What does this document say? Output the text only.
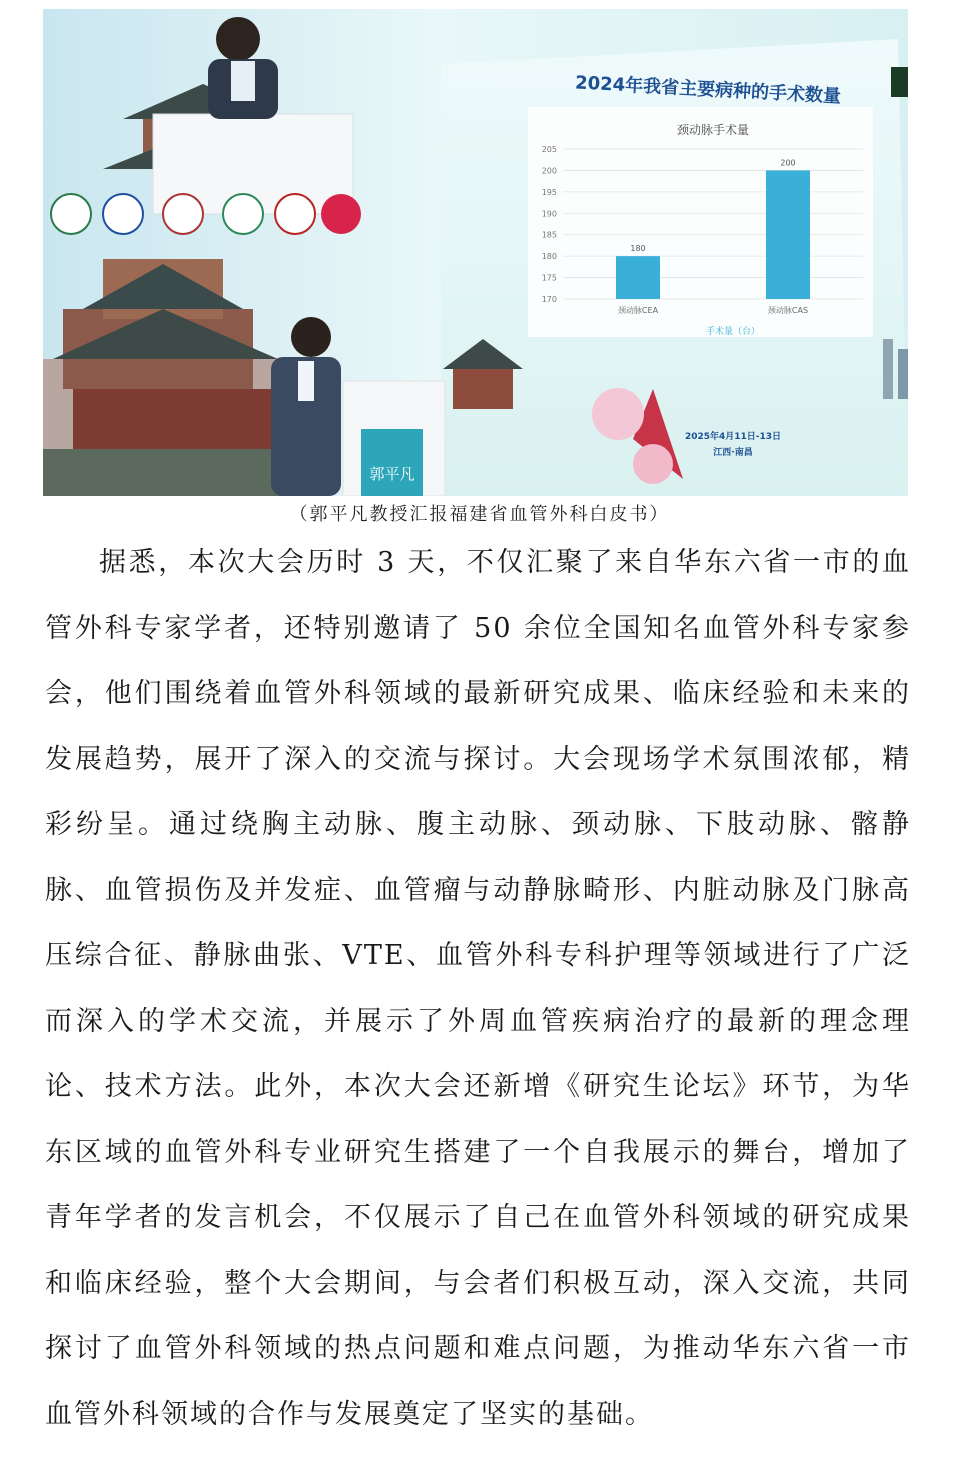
2024年我省主要病种的手术数量
颈动脉手术量
170
175
180
185
190
195
200
205
180
颈动脉CEA
200
颈动脉CAS
手术量（台）
2025年4月11日-13日
江西·南昌
郭平凡
（郭平凡教授汇报福建省血管外科白皮书）

据悉，本次大会历时 3 天，不仅汇聚了来自华东六省一市的血管外科专家学者，还特别邀请了 50 余位全国知名血管外科专家参会，他们围绕着血管外科领域的最新研究成果、临床经验和未来的发展趋势，展开了深入的交流与探讨。大会现场学术氛围浓郁，精彩纷呈。通过绕胸主动脉、腹主动脉、颈动脉、下肢动脉、髂静脉、血管损伤及并发症、血管瘤与动静脉畸形、内脏动脉及门脉高压综合征、静脉曲张、VTE、血管外科专科护理等领域进行了广泛而深入的学术交流，并展示了外周血管疾病治疗的最新的理念理论、技术方法。此外，本次大会还新增《研究生论坛》环节，为华东区域的血管外科专业研究生搭建了一个自我展示的舞台，增加了青年学者的发言机会，不仅展示了自己在血管外科领域的研究成果和临床经验，整个大会期间，与会者们积极互动，深入交流，共同探讨了血管外科领域的热点问题和难点问题，为推动华东六省一市血管外科领域的合作与发展奠定了坚实的基础。
